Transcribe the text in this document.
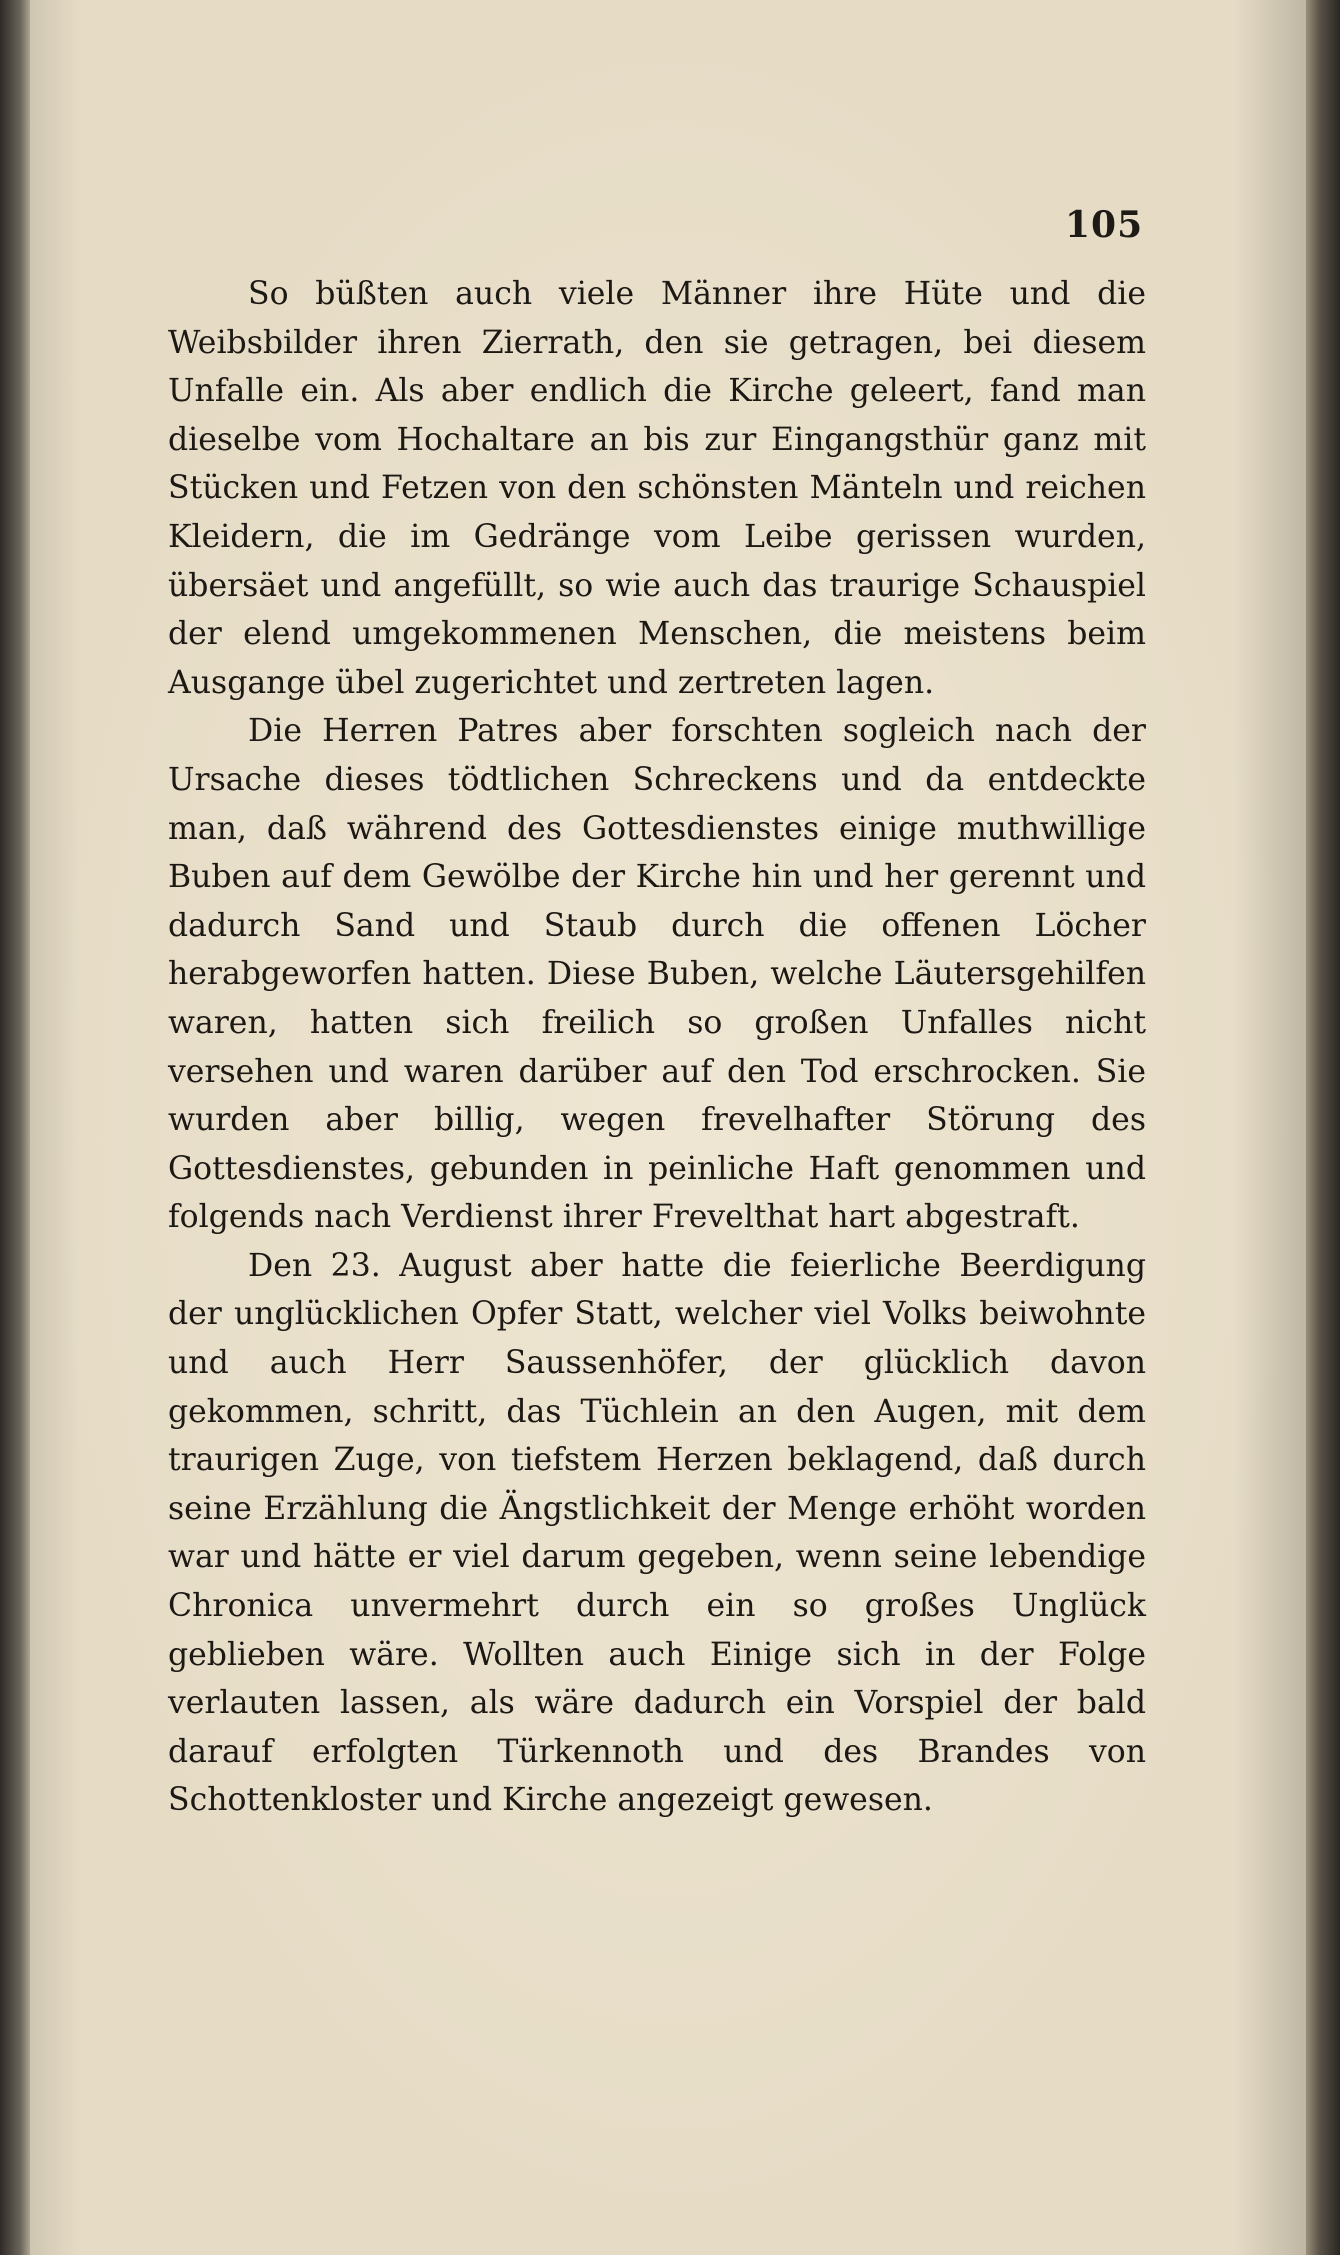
105

So büßten auch viele Männer ihre Hüte und die Weibsbilder ihren Zierrath, den sie getragen, bei diesem Unfalle ein. Als aber endlich die Kirche geleert, fand man dieselbe vom Hochaltare an bis zur Eingangsthür ganz mit Stücken und Fetzen von den schönsten Mänteln und reichen Kleidern, die im Gedränge vom Leibe gerissen wurden, übersäet und angefüllt, so wie auch das traurige Schauspiel der elend umgekommenen Menschen, die meistens beim Ausgange übel zugerichtet und zertreten lagen.

Die Herren Patres aber forschten sogleich nach der Ursache dieses tödtlichen Schreckens und da entdeckte man, daß während des Gottesdienstes einige muthwillige Buben auf dem Gewölbe der Kirche hin und her gerennt und dadurch Sand und Staub durch die offenen Löcher herabgeworfen hatten. Diese Buben, welche Läutersgehilfen waren, hatten sich freilich so großen Unfalles nicht versehen und waren darüber auf den Tod erschrocken. Sie wurden aber billig, wegen frevelhafter Störung des Gottesdienstes, gebunden in peinliche Haft genommen und folgends nach Verdienst ihrer Frevelthat hart abgestraft.

Den 23. August aber hatte die feierliche Beerdigung der unglücklichen Opfer Statt, welcher viel Volks beiwohnte und auch Herr Saussenhöfer, der glücklich davon gekommen, schritt, das Tüchlein an den Augen, mit dem traurigen Zuge, von tiefstem Herzen beklagend, daß durch seine Erzählung die Ängstlichkeit der Menge erhöht worden war und hätte er viel darum gegeben, wenn seine lebendige Chronica unvermehrt durch ein so großes Unglück geblieben wäre. Wollten auch Einige sich in der Folge verlauten lassen, als wäre dadurch ein Vorspiel der bald darauf erfolgten Türkennoth und des Brandes von Schottenkloster und Kirche angezeigt gewesen.
